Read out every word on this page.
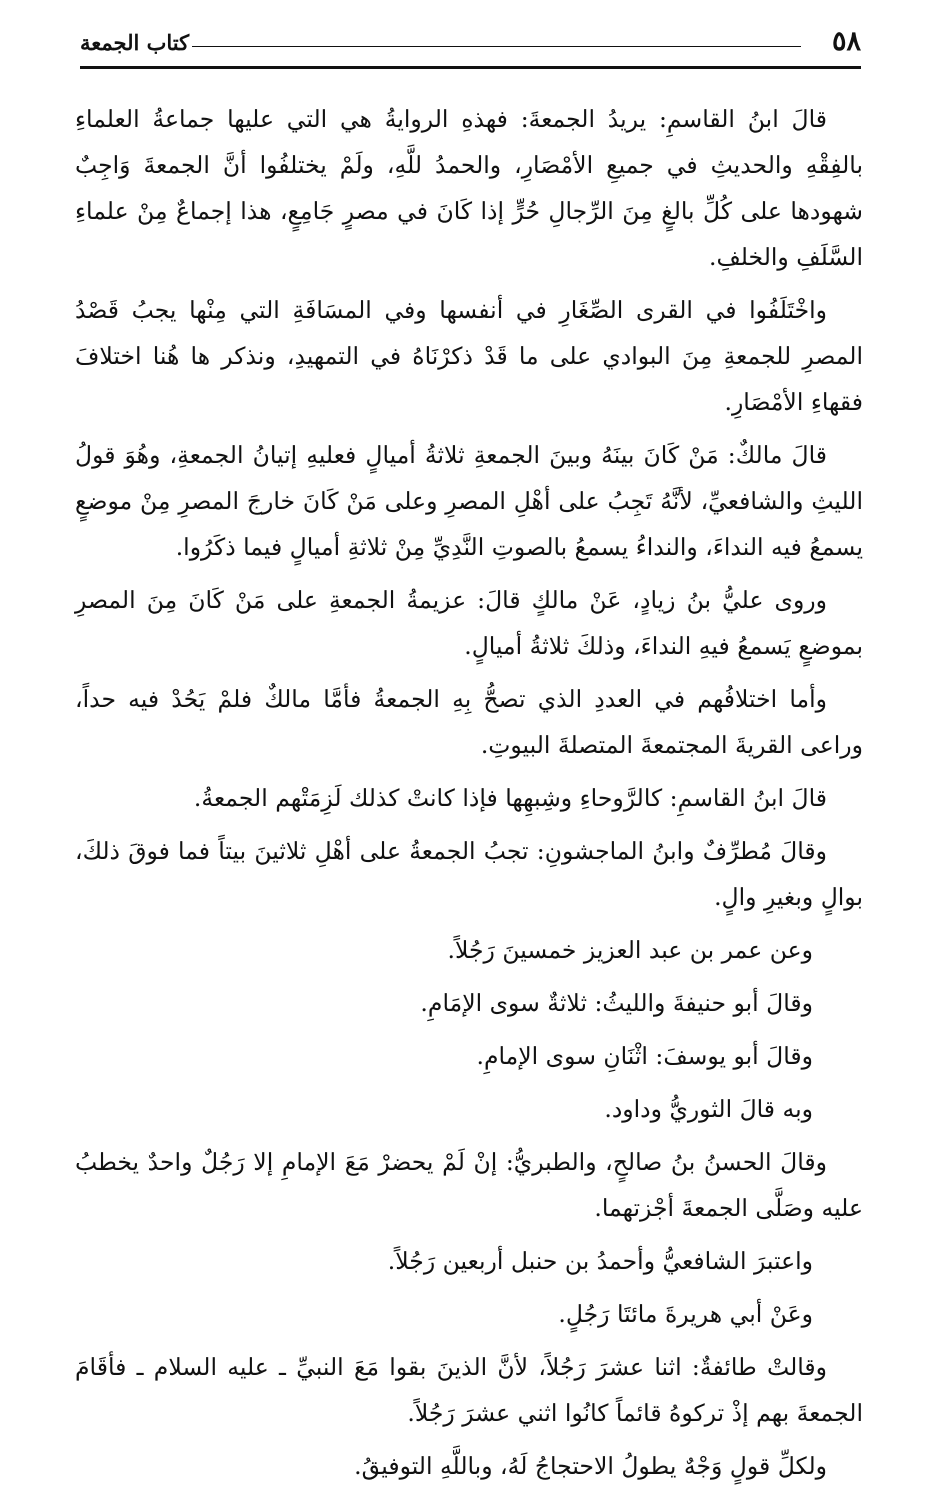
٥٨
كتاب الجمعة

قالَ ابنُ القاسمِ: يريدُ الجمعةَ: فهذهِ الروايةُ هي التي عليها جماعةُ العلماءِ بالفِقْهِ والحديثِ في جميعِ الأمْصَارِ، والحمدُ للَّهِ، ولَمْ يختلفُوا أنَّ الجمعةَ وَاجِبٌ شهودها على كُلِّ بالغٍ مِنَ الرِّجالِ حُرٍّ إذا كَانَ في مصرٍ جَامِعٍ، هذا إجماعٌ مِنْ علماءِ السَّلَفِ والخلفِ.

واخْتَلَفُوا في القرى الصِّغَارِ في أنفسها وفي المسَافَةِ التي مِنْها يجبُ قَصْدُ المصرِ للجمعةِ مِنَ البوادي على ما قَدْ ذكرْنَاهُ في التمهيدِ، ونذكر ها هُنا اختلافَ فقهاءِ الأمْصَارِ.

قالَ مالكٌ: مَنْ كَانَ بينَهُ وبينَ الجمعةِ ثلاثةُ أميالٍ فعليهِ إتيانُ الجمعةِ، وهُوَ قولُ الليثِ والشافعيِّ، لأنَّهُ تَجِبُ على أهْلِ المصرِ وعلى مَنْ كَانَ خارجَ المصرِ مِنْ موضعٍ يسمعُ فيه النداءَ، والنداءُ يسمعُ بالصوتِ النَّدِيِّ مِنْ ثلاثةِ أميالٍ فيما ذكَرُوا.

وروى عليُّ بنُ زيادٍ، عَنْ مالكٍ قالَ: عزيمةُ الجمعةِ على مَنْ كَانَ مِنَ المصرِ بموضعٍ يَسمعُ فيهِ النداءَ، وذلكَ ثلاثةُ أميالٍ.

وأما اختلافُهم في العددِ الذي تصحُّ بِهِ الجمعةُ فأمَّا مالكٌ فلمْ يَحُدْ فيه حداً، وراعى القريةَ المجتمعةَ المتصلةَ البيوتِ.

قالَ ابنُ القاسمِ: كالرَّوحاءِ وشِبهِها فإذا كانتْ كذلك لَزِمَتْهم الجمعةُ.

وقالَ مُطرِّفٌ وابنُ الماجشونِ: تجبُ الجمعةُ على أهْلِ ثلاثينَ بيتاً فما فوقَ ذلكَ، بوالٍ وبغيرِ والٍ.

وعن عمر بن عبد العزيز خمسينَ رَجُلاً.

وقالَ أبو حنيفةَ والليثُ: ثلاثةٌ سوى الإمَامِ.

وقالَ أبو يوسفَ: اثْنَانِ سوى الإمامِ.

وبه قالَ الثوريُّ وداود.

وقالَ الحسنُ بنُ صالحٍ، والطبريُّ: إنْ لَمْ يحضرْ مَعَ الإمامِ إلا رَجُلٌ واحدٌ يخطبُ عليه وصَلَّى الجمعةَ أجْزتهما.

واعتبرَ الشافعيُّ وأحمدُ بن حنبل أربعين رَجُلاً.

وعَنْ أبي هريرةَ مائتَا رَجُلٍ.

وقالتْ طائفةٌ: اثنا عشرَ رَجُلاً، لأنَّ الذينَ بقوا مَعَ النبيِّ ـ عليه السلام ـ فأقَامَ الجمعةَ بهم إذْ تركوهُ قائماً كانُوا اثني عشرَ رَجُلاً.

ولكلِّ قولٍ وَجْهٌ يطولُ الاحتجاجُ لَهُ، وباللَّهِ التوفيقُ.
